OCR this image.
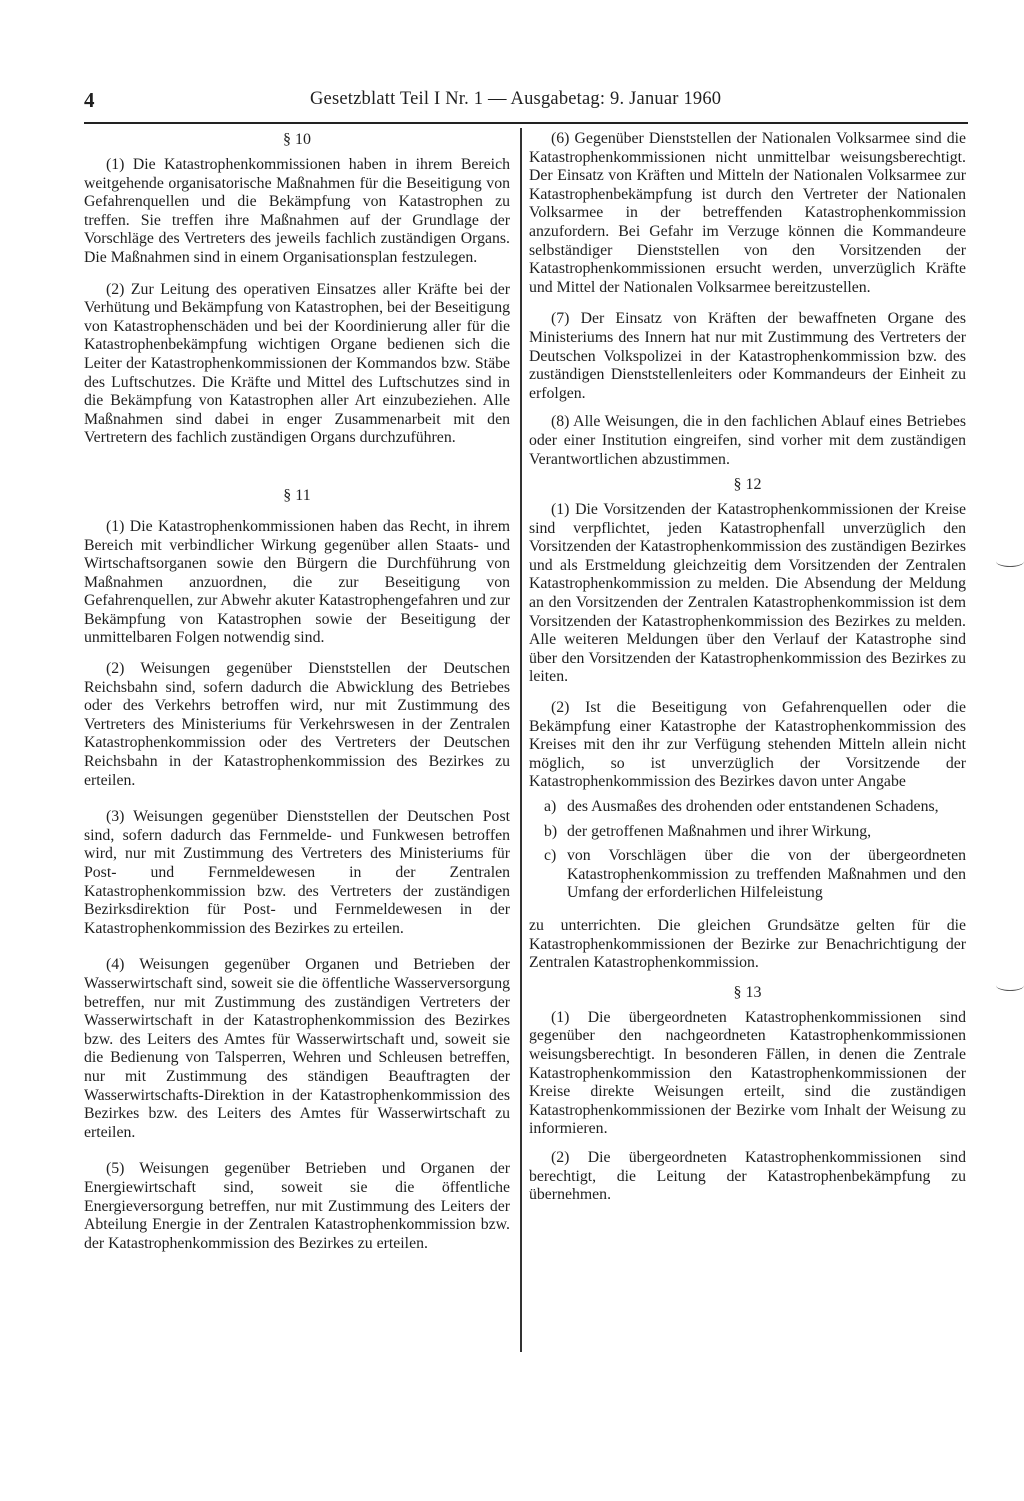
4	Gesetzblatt Teil I Nr. 1 — Ausgabetag: 9. Januar 1960
§ 10

(1) Die Katastrophenkommissionen haben in ihrem Bereich weitgehende organisatorische Maßnahmen für die Beseitigung von Gefahrenquellen und die Bekämpfung von Katastrophen zu treffen. Sie treffen ihre Maßnahmen auf der Grundlage der Vorschläge des Vertreters des jeweils fachlich zuständigen Organs. Die Maßnahmen sind in einem Organisationsplan festzulegen.

(2) Zur Leitung des operativen Einsatzes aller Kräfte bei der Verhütung und Bekämpfung von Katastrophen, bei der Beseitigung von Katastrophenschäden und bei der Koordinierung aller für die Katastrophenbekämpfung wichtigen Organe bedienen sich die Leiter der Katastrophenkommissionen der Kommandos bzw. Stäbe des Luftschutzes. Die Kräfte und Mittel des Luftschutzes sind in die Bekämpfung von Katastrophen aller Art einzubeziehen. Alle Maßnahmen sind dabei in enger Zusammenarbeit mit den Vertretern des fachlich zuständigen Organs durchzuführen.

§ 11

(1) Die Katastrophenkommissionen haben das Recht, in ihrem Bereich mit verbindlicher Wirkung gegenüber allen Staats- und Wirtschaftsorganen sowie den Bürgern die Durchführung von Maßnahmen anzuordnen, die zur Beseitigung von Gefahrenquellen, zur Abwehr akuter Katastrophengefahren und zur Bekämpfung von Katastrophen sowie der Beseitigung der unmittelbaren Folgen notwendig sind.

(2) Weisungen gegenüber Dienststellen der Deutschen Reichsbahn sind, sofern dadurch die Abwicklung des Betriebes oder des Verkehrs betroffen wird, nur mit Zustimmung des Vertreters des Ministeriums für Verkehrswesen in der Zentralen Katastrophenkommission oder des Vertreters der Deutschen Reichsbahn in der Katastrophenkommission des Bezirkes zu erteilen.

(3) Weisungen gegenüber Dienststellen der Deutschen Post sind, sofern dadurch das Fernmelde- und Funkwesen betroffen wird, nur mit Zustimmung des Vertreters des Ministeriums für Post- und Fernmeldewesen in der Zentralen Katastrophenkommission bzw. des Vertreters der zuständigen Bezirksdirektion für Post- und Fernmeldewesen in der Katastrophenkommission des Bezirkes zu erteilen.

(4) Weisungen gegenüber Organen und Betrieben der Wasserwirtschaft sind, soweit sie die öffentliche Wasserversorgung betreffen, nur mit Zustimmung des zuständigen Vertreters der Wasserwirtschaft in der Katastrophenkommission des Bezirkes bzw. des Leiters des Amtes für Wasserwirtschaft und, soweit sie die Bedienung von Talsperren, Wehren und Schleusen betreffen, nur mit Zustimmung des ständigen Beauftragten der Wasserwirtschafts-Direktion in der Katastrophenkommission des Bezirkes bzw. des Leiters des Amtes für Wasserwirtschaft zu erteilen.

(5) Weisungen gegenüber Betrieben und Organen der Energiewirtschaft sind, soweit sie die öffentliche Energieversorgung betreffen, nur mit Zustimmung des Leiters der Abteilung Energie in der Zentralen Katastrophenkommission bzw. der Katastrophenkommission des Bezirkes zu erteilen.

(6) Gegenüber Dienststellen der Nationalen Volksarmee sind die Katastrophenkommissionen nicht unmittelbar weisungsberechtigt. Der Einsatz von Kräften und Mitteln der Nationalen Volksarmee zur Katastrophenbekämpfung ist durch den Vertreter der Nationalen Volksarmee in der betreffenden Katastrophenkommission anzufordern. Bei Gefahr im Verzuge können die Kommandeure selbständiger Dienststellen von den Vorsitzenden der Katastrophenkommissionen ersucht werden, unverzüglich Kräfte und Mittel der Nationalen Volksarmee bereitzustellen.

(7) Der Einsatz von Kräften der bewaffneten Organe des Ministeriums des Innern hat nur mit Zustimmung des Vertreters der Deutschen Volkspolizei in der Katastrophenkommission bzw. des zuständigen Dienststellenleiters oder Kommandeurs der Einheit zu erfolgen.

(8) Alle Weisungen, die in den fachlichen Ablauf eines Betriebes oder einer Institution eingreifen, sind vorher mit dem zuständigen Verantwortlichen abzustimmen.

§ 12

(1) Die Vorsitzenden der Katastrophenkommissionen der Kreise sind verpflichtet, jeden Katastrophenfall unverzüglich den Vorsitzenden der Katastrophenkommission des zuständigen Bezirkes und als Erstmeldung gleichzeitig dem Vorsitzenden der Zentralen Katastrophenkommission zu melden. Die Absendung der Meldung an den Vorsitzenden der Zentralen Katastrophenkommission ist dem Vorsitzenden der Katastrophenkommission des Bezirkes zu melden. Alle weiteren Meldungen über den Verlauf der Katastrophe sind über den Vorsitzenden der Katastrophenkommission des Bezirkes zu leiten.

(2) Ist die Beseitigung von Gefahrenquellen oder die Bekämpfung einer Katastrophe der Katastrophenkommission des Kreises mit den ihr zur Verfügung stehenden Mitteln allein nicht möglich, so ist unverzüglich der Vorsitzende der Katastrophenkommission des Bezirkes davon unter Angabe

a) des Ausmaßes des drohenden oder entstandenen Schadens,
b) der getroffenen Maßnahmen und ihrer Wirkung,
c) von Vorschlägen über die von der übergeordneten Katastrophenkommission zu treffenden Maßnahmen und den Umfang der erforderlichen Hilfeleistung

zu unterrichten. Die gleichen Grundsätze gelten für die Katastrophenkommissionen der Bezirke zur Benachrichtigung der Zentralen Katastrophenkommission.

§ 13

(1) Die übergeordneten Katastrophenkommissionen sind gegenüber den nachgeordneten Katastrophenkommissionen weisungsberechtigt. In besonderen Fällen, in denen die Zentrale Katastrophenkommission den Katastrophenkommissionen der Kreise direkte Weisungen erteilt, sind die zuständigen Katastrophenkommissionen der Bezirke vom Inhalt der Weisung zu informieren.

(2) Die übergeordneten Katastrophenkommissionen sind berechtigt, die Leitung der Katastrophenbekämpfung zu übernehmen.
